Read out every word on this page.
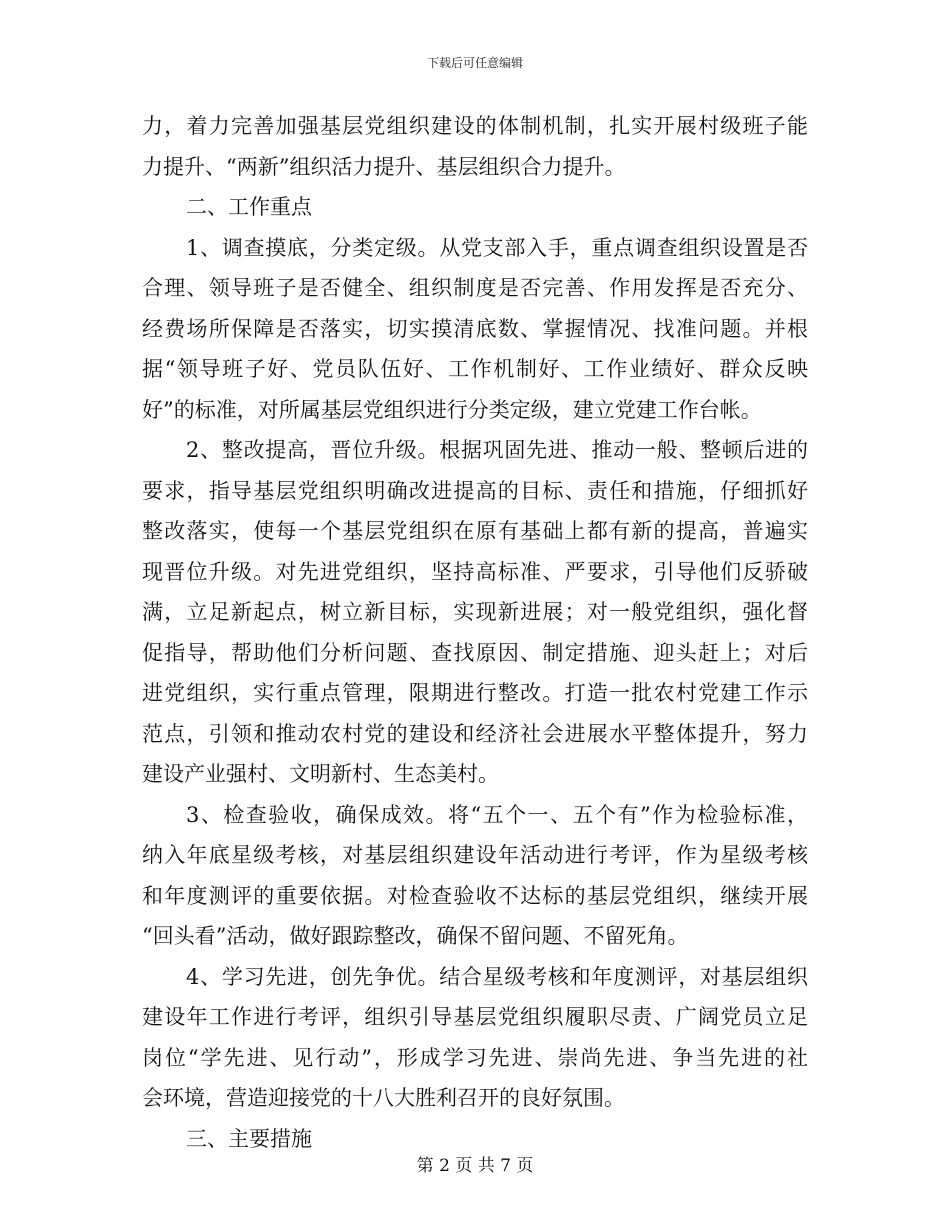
下载后可任意编辑
力，着力完善加强基层党组织建设的体制机制，扎实开展村级班子能
力提升、“两新”组织活力提升、基层组织合力提升。
二、工作重点
1、调查摸底，分类定级。从党支部入手，重点调查组织设置是否
合理、领导班子是否健全、组织制度是否完善、作用发挥是否充分、
经费场所保障是否落实，切实摸清底数、掌握情况、找准问题。并根
据“领导班子好、党员队伍好、工作机制好、工作业绩好、群众反映
好”的标准，对所属基层党组织进行分类定级，建立党建工作台帐。
2、整改提高，晋位升级。根据巩固先进、推动一般、整顿后进的
要求，指导基层党组织明确改进提高的目标、责任和措施，仔细抓好
整改落实，使每一个基层党组织在原有基础上都有新的提高，普遍实
现晋位升级。对先进党组织，坚持高标准、严要求，引导他们反骄破
满，立足新起点，树立新目标，实现新进展；对一般党组织，强化督
促指导，帮助他们分析问题、查找原因、制定措施、迎头赶上；对后
进党组织，实行重点管理，限期进行整改。打造一批农村党建工作示
范点，引领和推动农村党的建设和经济社会进展水平整体提升，努力
建设产业强村、文明新村、生态美村。
3、检查验收，确保成效。将“五个一、五个有”作为检验标准，
纳入年底星级考核，对基层组织建设年活动进行考评，作为星级考核
和年度测评的重要依据。对检查验收不达标的基层党组织，继续开展
“回头看”活动，做好跟踪整改，确保不留问题、不留死角。
4、学习先进，创先争优。结合星级考核和年度测评，对基层组织
建设年工作进行考评，组织引导基层党组织履职尽责、广阔党员立足
岗位“学先进、见行动”，形成学习先进、崇尚先进、争当先进的社
会环境，营造迎接党的十八大胜利召开的良好氛围。
三、主要措施
第 2 页 共 7 页
